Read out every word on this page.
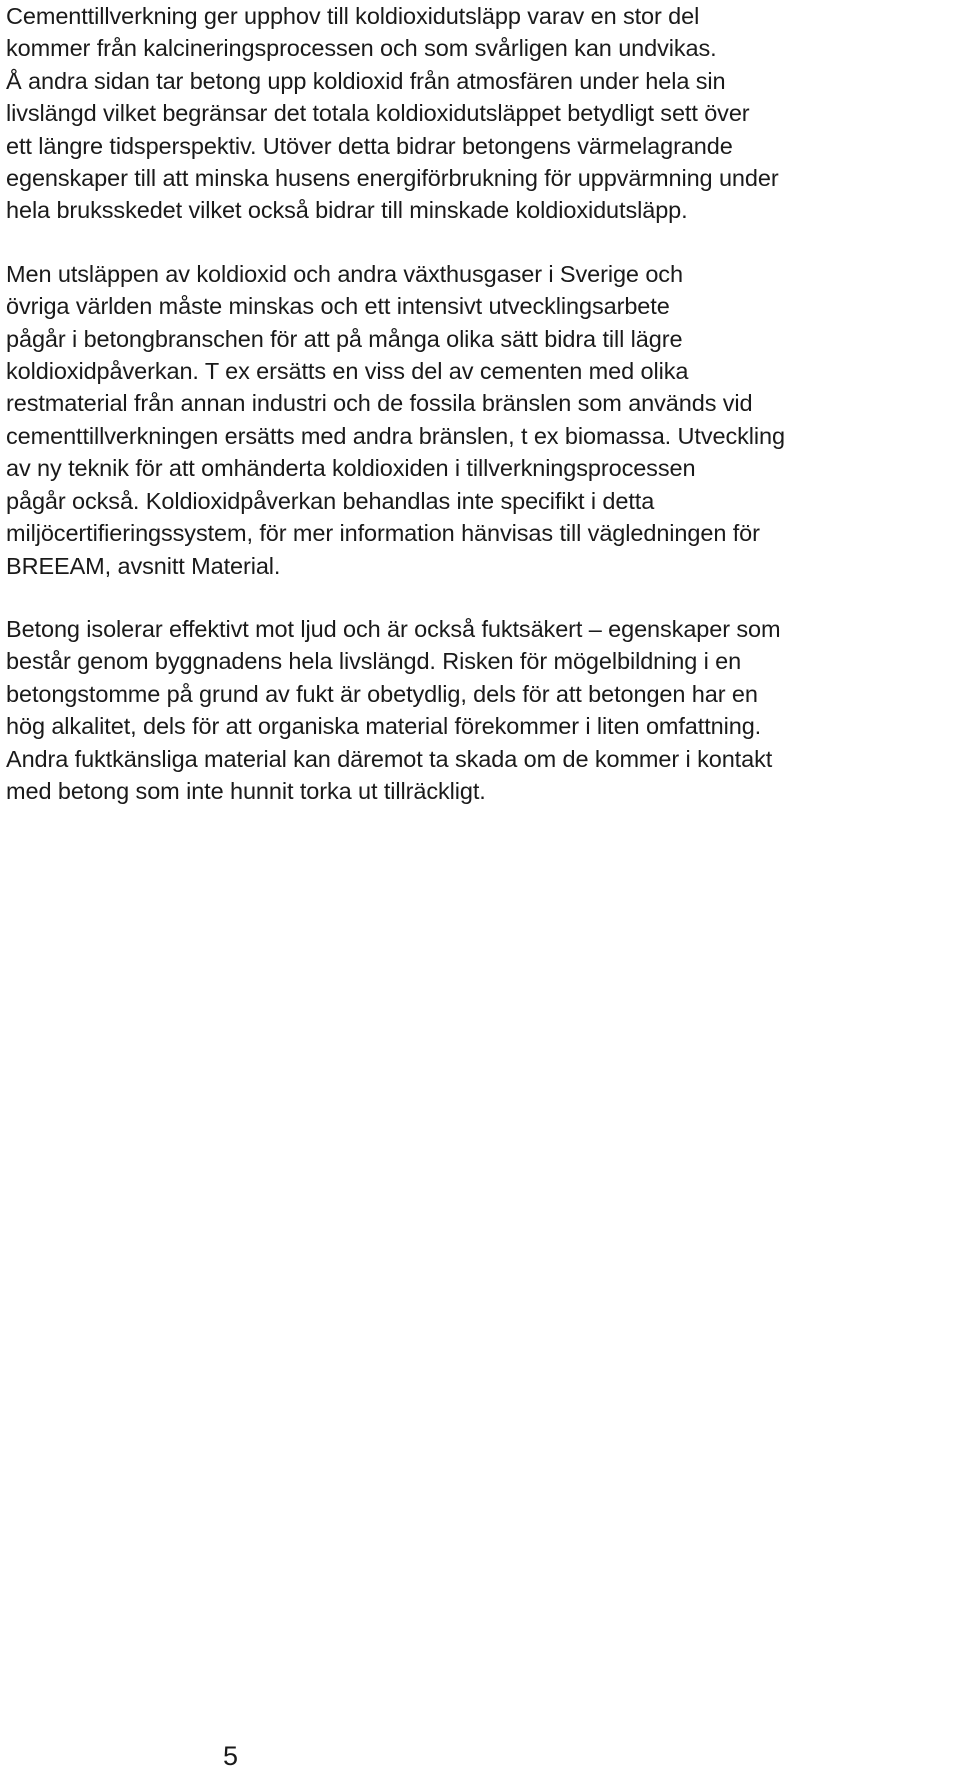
Cementtillverkning ger upphov till koldioxidutsläpp varav en stor del
kommer från kalcineringsprocessen och som svårligen kan undvikas.
Å andra sidan tar betong upp koldioxid från atmosfären under hela sin
livslängd vilket begränsar det totala koldioxidutsläppet betydligt sett över
ett längre tidsperspektiv. Utöver detta bidrar betongens värmelagrande
egenskaper till att minska husens energiförbrukning för uppvärmning under
hela bruksskedet vilket också bidrar till minskade koldioxidutsläpp.
Men utsläppen av koldioxid och andra växthusgaser i Sverige och
övriga världen måste minskas och ett intensivt utvecklingsarbete
pågår i betongbranschen för att på många olika sätt bidra till lägre
koldioxidpåverkan. T ex ersätts en viss del av cementen med olika
restmaterial från annan industri och de fossila bränslen som används vid
cementtillverkningen ersätts med andra bränslen, t ex biomassa. Utveckling
av ny teknik för att omhänderta koldioxiden i tillverkningsprocessen
pågår också. Koldioxidpåverkan behandlas inte specifikt i detta
miljöcertifieringssystem, för mer information hänvisas till vägledningen för
BREEAM, avsnitt Material.
Betong isolerar effektivt mot ljud och är också fuktsäkert – egenskaper som
består genom byggnadens hela livslängd. Risken för mögelbildning i en
betongstomme på grund av fukt är obetydlig, dels för att betongen har en
hög alkalitet, dels för att organiska material förekommer i liten omfattning.
Andra fuktkänsliga material kan däremot ta skada om de kommer i kontakt
med betong som inte hunnit torka ut tillräckligt.
5
